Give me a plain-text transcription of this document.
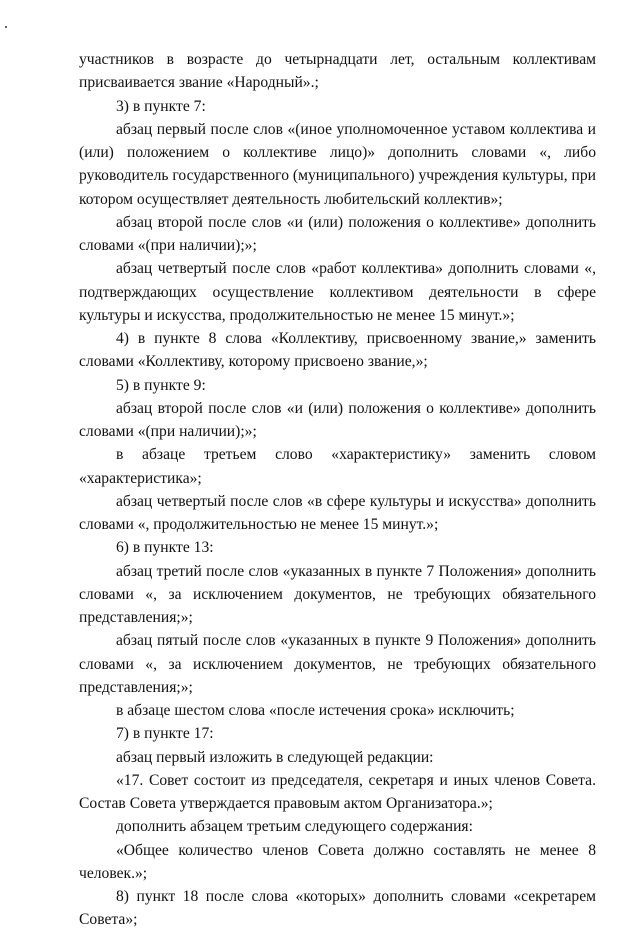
участников в возрасте до четырнадцати лет, остальным коллективам присваивается звание «Народный».;

3) в пункте 7:

абзац первый после слов «(иное уполномоченное уставом коллектива и (или) положением о коллективе лицо)» дополнить словами «, либо руководитель государственного (муниципального) учреждения культуры, при котором осуществляет деятельность любительский коллектив»;

абзац второй после слов «и (или) положения о коллективе» дополнить словами «(при наличии);»;

абзац четвертый после слов «работ коллектива» дополнить словами «, подтверждающих осуществление коллективом деятельности в сфере культуры и искусства, продолжительностью не менее 15 минут.»;

4) в пункте 8 слова «Коллективу, присвоенному звание,» заменить словами «Коллективу, которому присвоено звание,»;

5) в пункте 9:

абзац второй после слов «и (или) положения о коллективе» дополнить словами «(при наличии);»;

в абзаце третьем слово «характеристику» заменить словом «характеристика»;

абзац четвертый после слов «в сфере культуры и искусства» дополнить словами «, продолжительностью не менее 15 минут.»;

6) в пункте 13:

абзац третий после слов «указанных в пункте 7 Положения» дополнить словами «, за исключением документов, не требующих обязательного представления;»;

абзац пятый после слов «указанных в пункте 9 Положения» дополнить словами «, за исключением документов, не требующих обязательного представления;»;

в абзаце шестом слова «после истечения срока» исключить;

7) в пункте 17:

абзац первый изложить в следующей редакции:

«17. Совет состоит из председателя, секретаря и иных членов Совета. Состав Совета утверждается правовым актом Организатора.»;

дополнить абзацем третьим следующего содержания:

«Общее количество членов Совета должно составлять не менее 8 человек.»;

8) пункт 18 после слова «которых» дополнить словами «секретарем Совета»;
